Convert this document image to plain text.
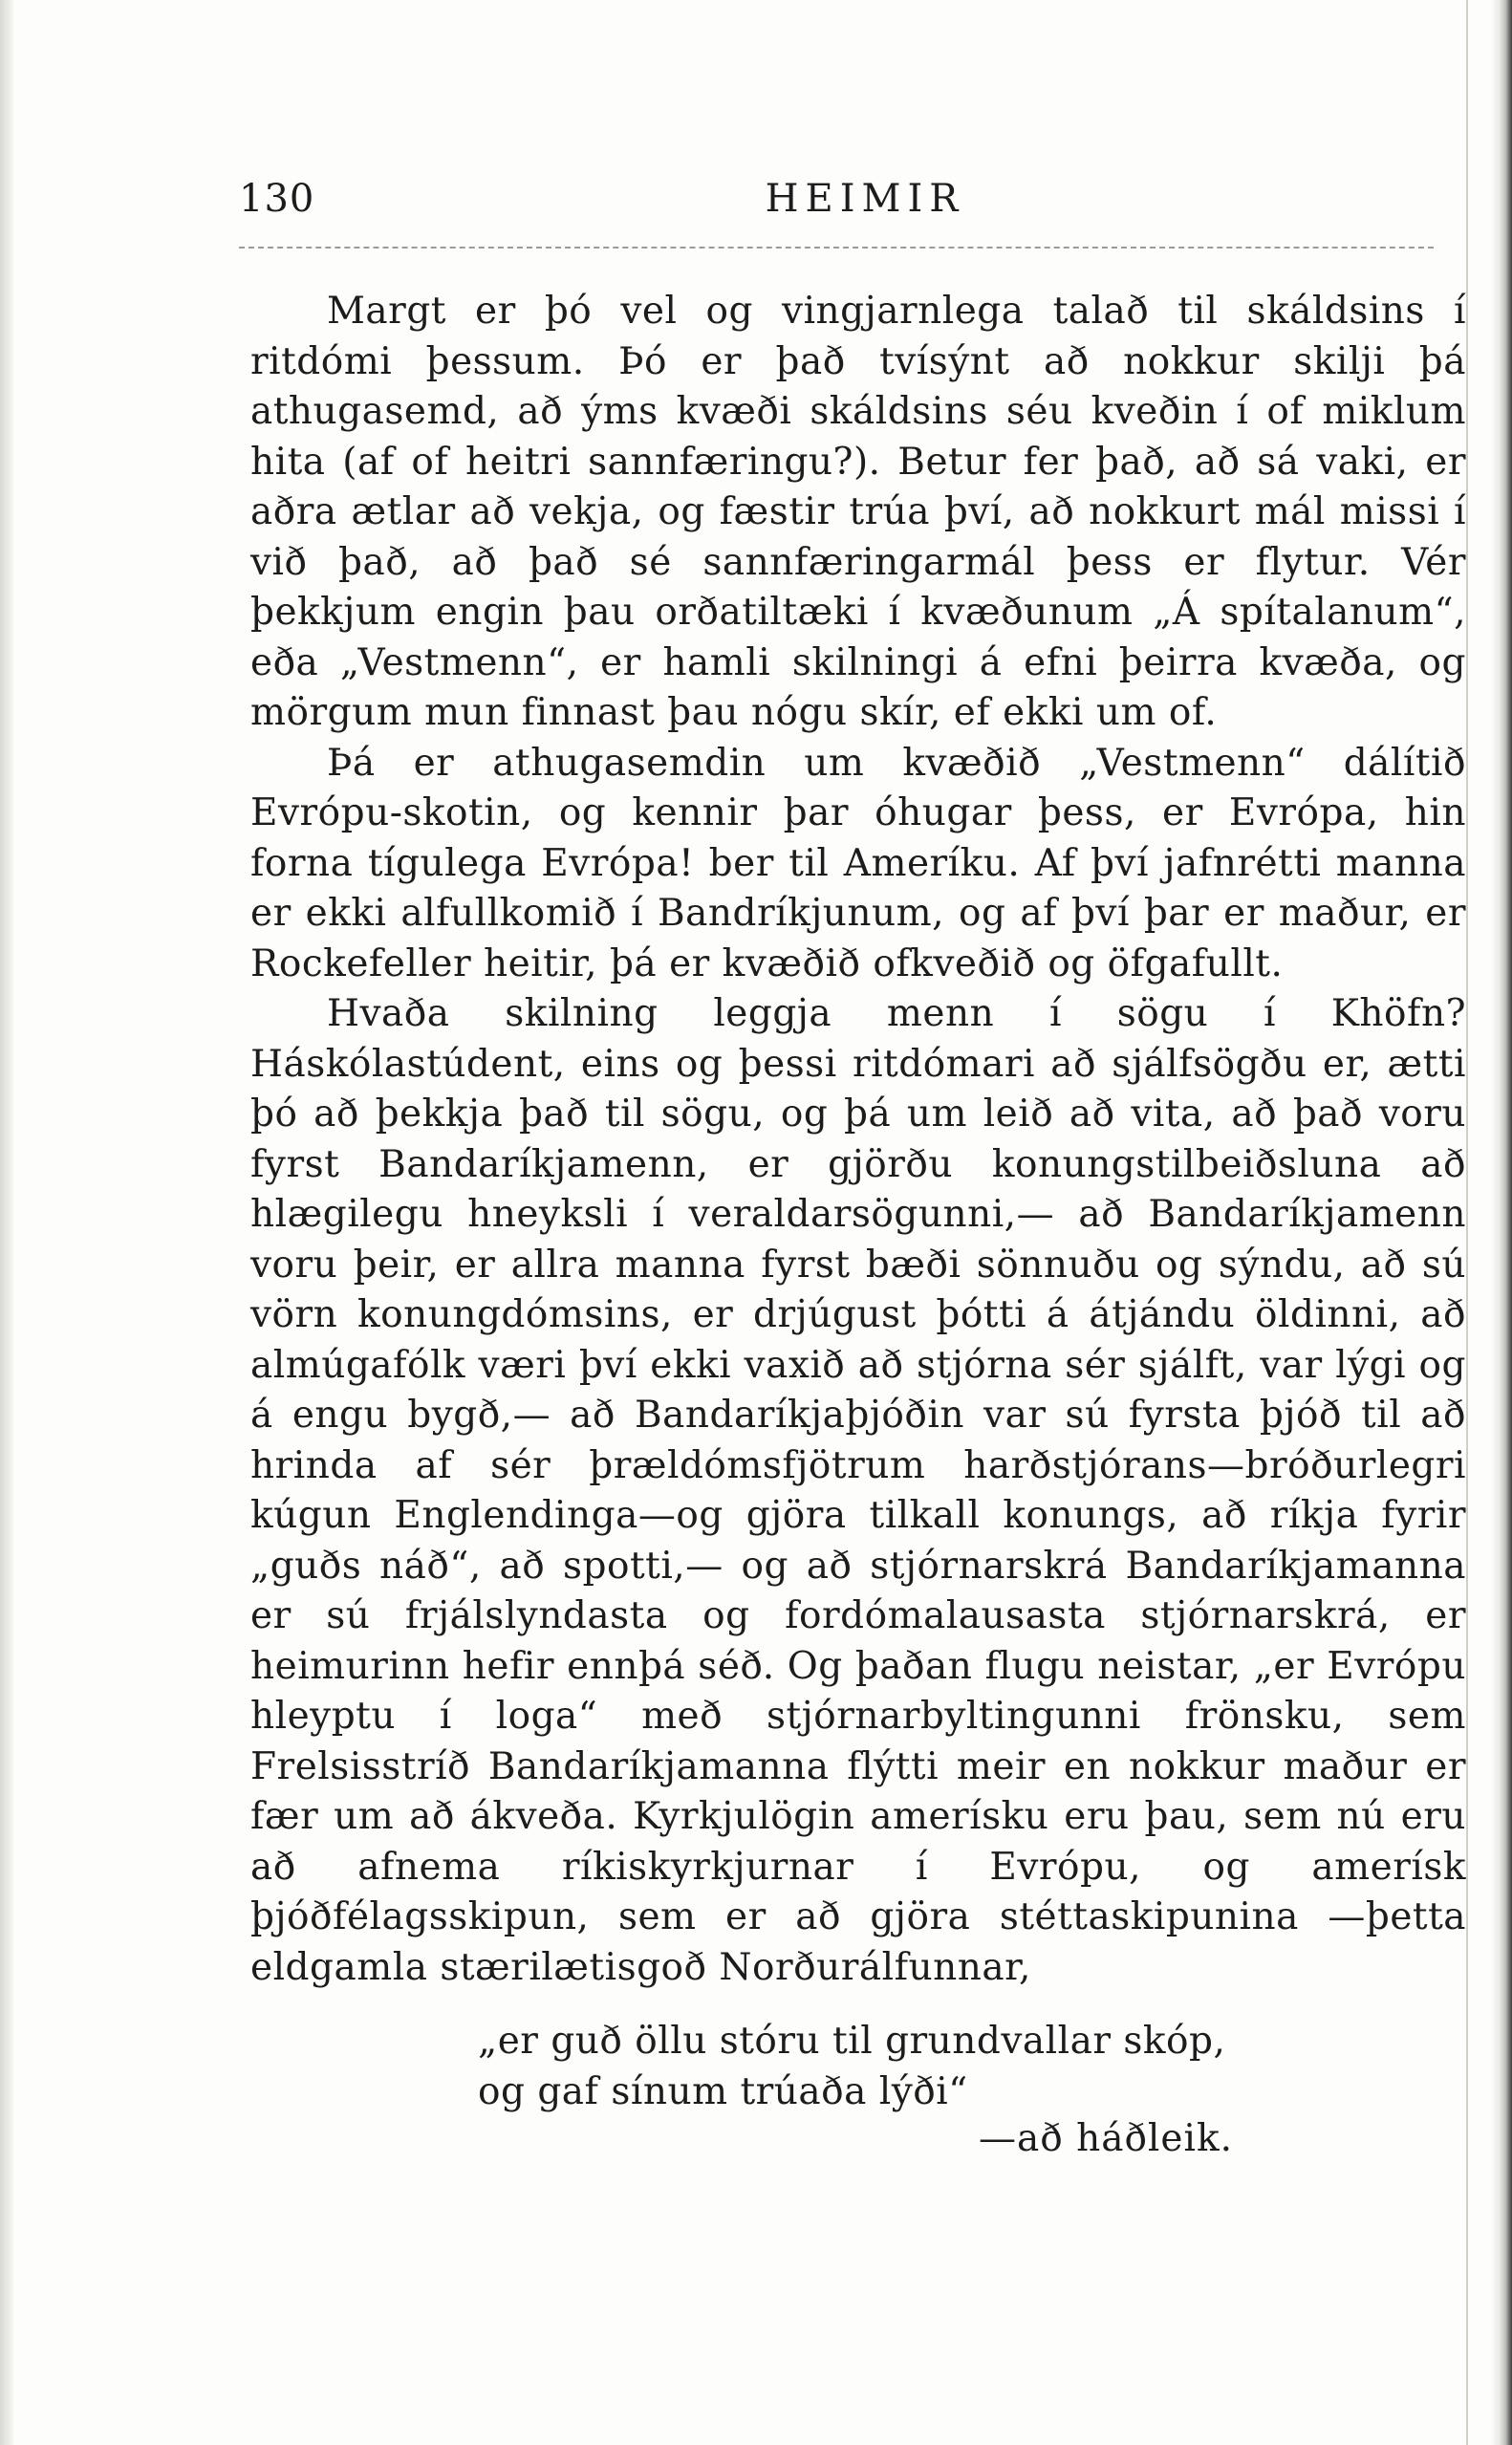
130	HEIMIR

Margt er þó vel og vingjarnlega talað til skáldsins í ritdómi þessum. Þó er það tvísýnt að nokkur skilji þá athugasemd, að ýms kvæði skáldsins séu kveðin í of miklum hita (af of heitri sannfæringu?). Betur fer það, að sá vaki, er aðra ætlar að vekja, og fæstir trúa því, að nokkurt mál missi í við það, að það sé sannfæringarmál þess er flytur. Vér þekkjum engin þau orðatiltæki í kvæðunum „Á spítalanum“, eða „Vestmenn“, er hamli skilningi á efni þeirra kvæða, og mörgum mun finnast þau nógu skír, ef ekki um of.

Þá er athugasemdin um kvæðið „Vestmenn“ dálítið Evrópu-skotin, og kennir þar óhugar þess, er Evrópa, hin forna tígulega Evrópa! ber til Ameríku. Af því jafnrétti manna er ekki alfullkomið í Bandríkjunum, og af því þar er maður, er Rockefeller heitir, þá er kvæðið ofkveðið og öfgafullt.

Hvaða skilning leggja menn í sögu í Khöfn? Háskólastúdent, eins og þessi ritdómari að sjálfsögðu er, ætti þó að þekkja það til sögu, og þá um leið að vita, að það voru fyrst Bandaríkjamenn, er gjörðu konungstilbeiðsluna að hlægilegu hneyksli í veraldarsögunni,— að Bandaríkjamenn voru þeir, er allra manna fyrst bæði sönnuðu og sýndu, að sú vörn konungdómsins, er drjúgust þótti á átjándu öldinni, að almúgafólk væri því ekki vaxið að stjórna sér sjálft, var lýgi og á engu bygð,— að Bandaríkjaþjóðin var sú fyrsta þjóð til að hrinda af sér þrældómsfjötrum harðstjórans—bróðurlegri kúgun Englendinga—og gjöra tilkall konungs, að ríkja fyrir „guðs náð“, að spotti,— og að stjórnarskrá Bandaríkjamanna er sú frjálslyndasta og fordómalausasta stjórnarskrá, er heimurinn hefir ennþá séð. Og þaðan flugu neistar, „er Evrópu hleyptu í loga“ með stjórnarbyltingunni frönsku, sem Frelsisstríð Bandaríkjamanna flýtti meir en nokkur maður er fær um að ákveða. Kyrkjulögin amerísku eru þau, sem nú eru að afnema ríkiskyrkjurnar í Evrópu, og amerísk þjóðfélagsskipun, sem er að gjöra stéttaskipunina —þetta eldgamla stærilætisgoð Norðurálfunnar,

„er guð öllu stóru til grundvallar skóp,
og gaf sínum trúaða lýði“
—að háðleik.
